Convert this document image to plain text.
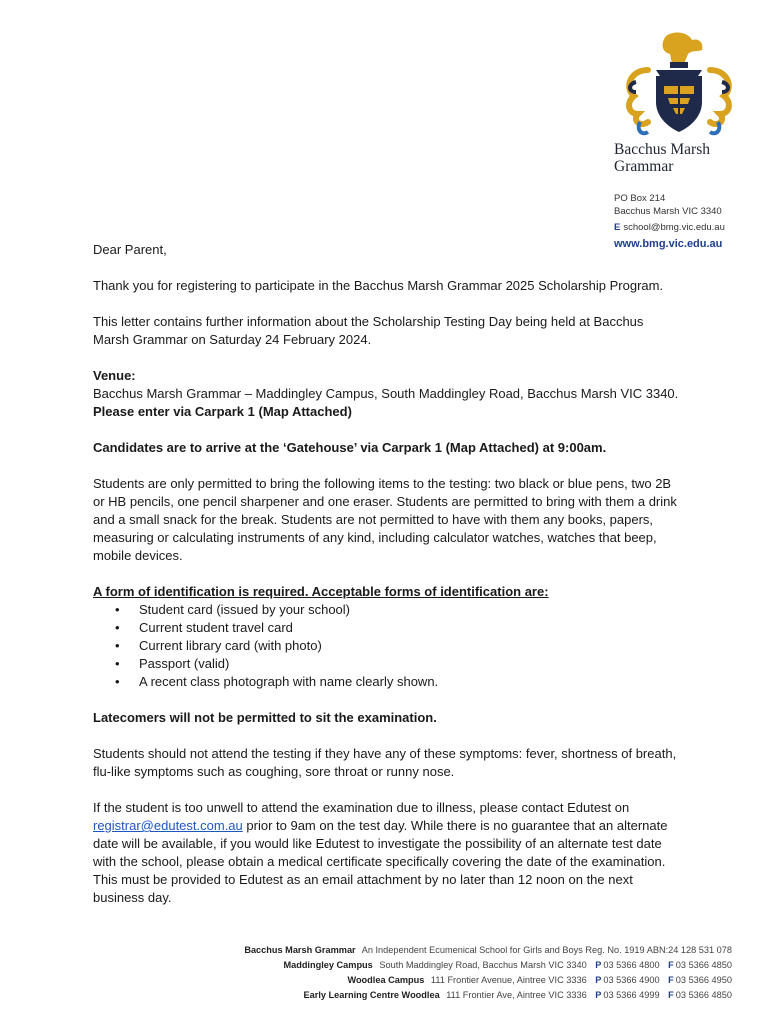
Bacchus Marsh
Grammar
PO Box 214
Bacchus Marsh VIC 3340
E school@bmg.vic.edu.au
www.bmg.vic.edu.au

Dear Parent,

Thank you for registering to participate in the Bacchus Marsh Grammar 2025 Scholarship Program.

This letter contains further information about the Scholarship Testing Day being held at Bacchus Marsh Grammar on Saturday 24 February 2024.

Venue:
Bacchus Marsh Grammar – Maddingley Campus, South Maddingley Road, Bacchus Marsh VIC 3340.  Please enter via Carpark 1 (Map Attached)

Candidates are to arrive at the ‘Gatehouse’ via Carpark 1 (Map Attached) at 9:00am.

Students are only permitted to bring the following items to the testing: two black or blue pens, two 2B or HB pencils, one pencil sharpener and one eraser. Students are permitted to bring with them a drink and a small snack for the break. Students are not permitted to have with them any books, papers, measuring or calculating instruments of any kind, including calculator watches, watches that beep, mobile devices.

A form of identification is required. Acceptable forms of identification are:
• Student card (issued by your school)
• Current student travel card
• Current library card (with photo)
• Passport (valid)
• A recent class photograph with name clearly shown.

Latecomers will not be permitted to sit the examination.

Students should not attend the testing if they have any of these symptoms: fever, shortness of breath, flu-like symptoms such as coughing, sore throat or runny nose.

If the student is too unwell to attend the examination due to illness, please contact Edutest on registrar@edutest.com.au prior to 9am on the test day. While there is no guarantee that an alternate date will be available, if you would like Edutest to investigate the possibility of an alternate test date with the school, please obtain a medical certificate specifically covering the date of the examination. This must be provided to Edutest as an email attachment by no later than 12 noon on the next business day.

Bacchus Marsh Grammar An Independent Ecumenical School for Girls and Boys Reg. No. 1919 ABN:24 128 531 078
Maddingley Campus South Maddingley Road, Bacchus Marsh VIC 3340 P 03 5366 4800 F 03 5366 4850
Woodlea Campus 111 Frontier Avenue, Aintree VIC 3336 P 03 5366 4900 F 03 5366 4950
Early Learning Centre Woodlea 111 Frontier Ave, Aintree VIC 3336 P 03 5366 4999 F 03 5366 4850
